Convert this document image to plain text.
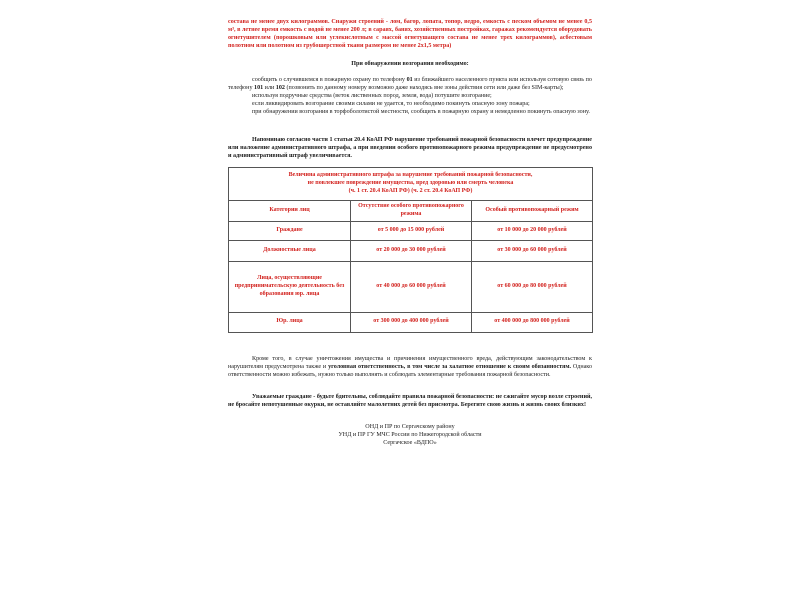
состава не менее двух килограммов. Снаружи строений - лом, багор, лопата, топор, ведро, емкость с песком объемом не менее 0,5 м³, в летнее время емкость с водой не менее 200 л; в сараях, банях, хозяйственных постройках, гаражах рекомендуется оборудовать огнетушителем (порошковым или углекислотным с массой огнетушащего состава не менее трех килограммов), асбестовым полотном или полотном из грубошерстной ткани размером не менее 2х1,5 метра)

При обнаружении возгорания необходимо:

сообщить о случившемся в пожарную охрану по телефону 01 из ближайшего населенного пункта или используя сотовую связь по телефону 101 или 102 (позвонить по данному номеру возможно даже находясь вне зоны действия сети или даже без SIM-карты);

используя подручные средства (веток лиственных пород, земля, вода) потушите возгорание;

если ликвидировать возгорание своими силами не удается, то необходимо покинуть опасную зону пожара;

при обнаружении возгорания в торфоболотистой местности, сообщить в пожарную охрану и немедленно покинуть опасную зону.

Напоминаю согласно части 1 статьи 20.4 КоАП РФ нарушение требований пожарной безопасности влечет предупреждение или наложение административного штрафа, а при введении особого противопожарного режима предупреждение не предусмотрено и административный штраф увеличивается.

Величина административного штрафа за нарушение требований пожарной безопасности,
не повлекшее повреждение имущества, вред здоровью или смерть человека
(ч. 1 ст. 20.4 КоАП РФ) (ч. 2 ст. 20.4 КоАП РФ)		

Категории лиц	Отсутствие особого противопожарного режима	Особый противопожарный режим
Граждане	от 5 000 до 15 000 рублей	от 10 000 до 20 000 рублей
Должностные лица	от 20 000 до 30 000 рублей	от 30 000 до 60 000 рублей
Лица, осуществляющие предпринимательскую деятельность без образования юр. лица	от 40 000 до 60 000 рублей	от 60 000 до 80 000 рублей
Юр. лица	от 300 000 до 400 000 рублей	от 400 000 до 800 000 рублей

Кроме того, в случае уничтожения имущества и причинения имущественного вреда, действующим законодательством к нарушителям предусмотрена также и уголовная ответственность, в том числе за халатное отношение к своим обязанностям. Однако ответственности можно избежать, нужно только выполнять и соблюдать элементарные требования пожарной безопасности.

Уважаемые граждане - будьте бдительны, соблюдайте правила пожарной безопасности: не сжигайте мусор возле строений, не бросайте непотушенные окурки, не оставляйте малолетних детей без присмотра. Берегите свою жизнь и жизнь своих близких!

ОНД и ПР по Сергачскому району

УНД и ПР ГУ МЧС России по Нижегородской области

Сергачское «ВДПО»
